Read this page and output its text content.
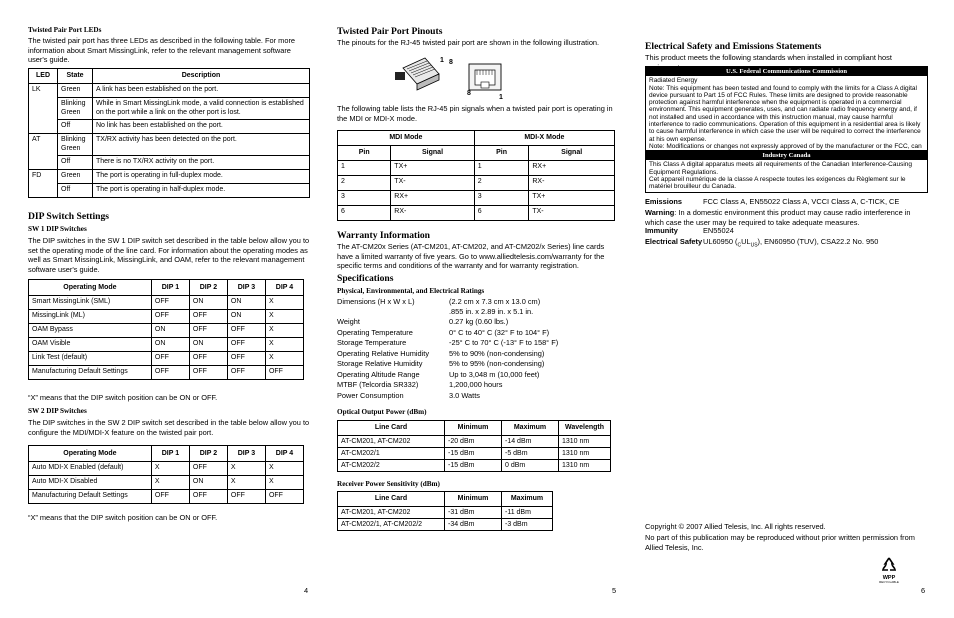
Twisted Pair Port LEDs

The twisted pair port has three LEDs as described in the following table. For more information about Smart MissingLink, refer to the relevant management software user's guide.

LED	State	Description
LK	Green	A link has been established on the port.
	Blinking Green	While in Smart MissingLink mode, a valid connection is established on the port while a link on the other port is lost.
	Off	No link has been established on the port.
AT	Blinking Green	TX/RX activity has been detected on the port.
	Off	There is no TX/RX activity on the port.
FD	Green	The port is operating in full-duplex mode.
	Off	The port is operating in half-duplex mode.
DIP Switch Settings
SW 1 DIP Switches

The DIP switches in the SW 1 DIP switch set described in the table below allow you to set the operating mode of the line card. For information about the operating modes as well as Smart MissingLink, MissingLink, and OAM, refer to the relevant management software user's guide.

Operating Mode	DIP 1	DIP 2	DIP 3	DIP 4
Smart MissingLink (SML)	OFF	ON	ON	X
MissingLink (ML)	OFF	OFF	ON	X
OAM Bypass	ON	OFF	OFF	X
OAM Visible	ON	ON	OFF	X
Link Test (default)	OFF	OFF	OFF	X
Manufacturing Default Settings	OFF	OFF	OFF	OFF

“X” means that the DIP switch position can be ON or OFF.

SW 2 DIP Switches

The DIP switches in the SW 2 DIP switch set described in the table below allow you to configure the MDI/MDI-X feature on the twisted pair port.

Operating Mode	DIP 1	DIP 2	DIP 3	DIP 4
Auto MDI-X Enabled (default)	X	OFF	X	X
Auto MDI-X Disabled	X	ON	X	X
Manufacturing Default Settings	OFF	OFF	OFF	OFF

“X” means that the DIP switch position can be ON or OFF.

4
Twisted Pair Port Pinouts

The pinouts for the RJ-45 twisted pair port are shown in the following illustration.

1 8
8
1

The following table lists the RJ-45 pin signals when a twisted pair port is operating in the MDI or MDI-X mode.

MDI Mode		MDI-X Mode	
Pin	Signal	Pin	Signal
1	TX+	1	RX+
2	TX-	2	RX-
3	RX+	3	TX+
6	RX-	6	TX-
Warranty Information

The AT-CM20x Series (AT-CM201, AT-CM202, and AT-CM202/x Series) line cards have a limited warranty of five years. Go to www.alliedtelesis.com/warranty for the specific terms and conditions of the warranty and for warranty registration.

Specifications
Physical, Environmental, and Electrical Ratings
Dimensions (H x W x L)	(2.2 cm x 7.3 cm x 13.0 cm)
.855 in. x 2.89 in. x 5.1 in.
Weight	0.27 kg (0.60 lbs.)
Operating Temperature	0° C to 40° C (32° F to 104° F)
Storage Temperature	-25° C to 70° C (-13° F to 158° F)
Operating Relative Humidity	5% to 90% (non-condensing)
Storage Relative Humidity	5% to 95% (non-condensing)
Operating Altitude Range	Up to 3,048 m (10,000 feet)
MTBF (Telcordia SR332)	1,200,000 hours
Power Consumption	3.0 Watts
Optical Output Power (dBm)
Line Card	Minimum	Maximum	Wavelength
AT-CM201, AT-CM202	-20 dBm	-14 dBm	1310 nm
AT-CM202/1	-15 dBm	-5 dBm	1310 nm
AT-CM202/2	-15 dBm	0 dBm	1310 nm
Receiver Power Sensitivity (dBm)
Line Card	Minimum	Maximum
AT-CM201, AT-CM202	-31 dBm	-11 dBm
AT-CM202/1, AT-CM202/2	-34 dBm	-3 dBm
5
Electrical Safety and Emissions Statements

This product meets the following standards when installed in compliant host

U.S. Federal Communications Commission
Radiated Energy
Note: This equipment has been tested and found to comply with the limits for a Class A digital device pursuant to Part 15 of FCC Rules. These limits are designed to provide reasonable protection against harmful interference when the equipment is operated in a commercial environment. This equipment generates, uses, and can radiate radio frequency energy and, if not installed and used in accordance with this instruction manual, may cause harmful interference to radio communications. Operation of this equipment in a residential area is likely to cause harmful interference in which case the user will be required to correct the interference at his own expense.
Note: Modifications or changes not expressly approved of by the manufacturer or the FCC, can
Industry Canada
This Class A digital apparatus meets all requirements of the Canadian Interference-Causing Equipment Regulations.
Cet appareil numérique de la classe A respecte toutes les exigences du Règlement sur le matériel brouilleur du Canada.
Emissions	FCC Class A, EN55022 Class A, VCCI Class A, C-TICK, CE

Warning: In a domestic environment this product may cause radio interference in which case the user may be required to take adequate measures.

Immunity	EN55024
Electrical Safety UL60950 $(_CUL_{US})$, EN60950 (TUV), CSA22.2 No. 950

Copyright © 2007 Allied Telesis, Inc. All rights reserved.

No part of this publication may be reproduced without prior written permission from Allied Telesis, Inc.

WPP
RECYCLABLE
6
